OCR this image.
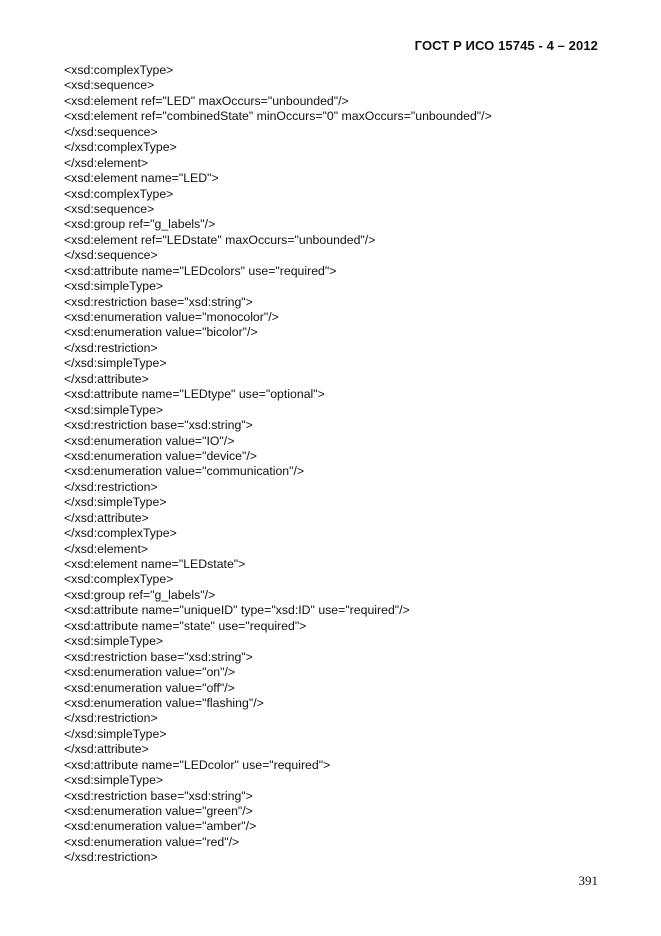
ГОСТ Р ИСО 15745 - 4 – 2012
<xsd:complexType>
<xsd:sequence>
<xsd:element ref="LED" maxOccurs="unbounded"/>
<xsd:element ref="combinedState" minOccurs="0" maxOccurs="unbounded"/>
</xsd:sequence>
</xsd:complexType>
</xsd:element>
<xsd:element name="LED">
<xsd:complexType>
<xsd:sequence>
<xsd:group ref="g_labels"/>
<xsd:element ref="LEDstate" maxOccurs="unbounded"/>
</xsd:sequence>
<xsd:attribute name="LEDcolors" use="required">
<xsd:simpleType>
<xsd:restriction base="xsd:string">
<xsd:enumeration value="monocolor"/>
<xsd:enumeration value="bicolor"/>
</xsd:restriction>
</xsd:simpleType>
</xsd:attribute>
<xsd:attribute name="LEDtype" use="optional">
<xsd:simpleType>
<xsd:restriction base="xsd:string">
<xsd:enumeration value="IO"/>
<xsd:enumeration value="device"/>
<xsd:enumeration value="communication"/>
</xsd:restriction>
</xsd:simpleType>
</xsd:attribute>
</xsd:complexType>
</xsd:element>
<xsd:element name="LEDstate">
<xsd:complexType>
<xsd:group ref="g_labels"/>
<xsd:attribute name="uniqueID" type="xsd:ID" use="required"/>
<xsd:attribute name="state" use="required">
<xsd:simpleType>
<xsd:restriction base="xsd:string">
<xsd:enumeration value="on"/>
<xsd:enumeration value="off"/>
<xsd:enumeration value="flashing"/>
</xsd:restriction>
</xsd:simpleType>
</xsd:attribute>
<xsd:attribute name="LEDcolor" use="required">
<xsd:simpleType>
<xsd:restriction base="xsd:string">
<xsd:enumeration value="green"/>
<xsd:enumeration value="amber"/>
<xsd:enumeration value="red"/>
</xsd:restriction>
391
